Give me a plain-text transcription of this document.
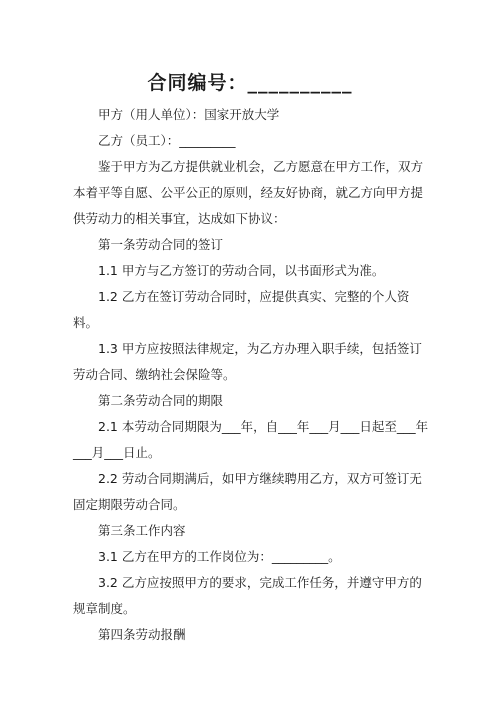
合同编号：__________

甲方（用人单位）：国家开放大学

乙方（员工）：_________

鉴于甲方为乙方提供就业机会，乙方愿意在甲方工作，双方本着平等自愿、公平公正的原则，经友好协商，就乙方向甲方提供劳动力的相关事宜，达成如下协议：

第一条劳动合同的签订

1.1 甲方与乙方签订的劳动合同，以书面形式为准。

1.2 乙方在签订劳动合同时，应提供真实、完整的个人资料。

1.3 甲方应按照法律规定，为乙方办理入职手续，包括签订劳动合同、缴纳社会保险等。

第二条劳动合同的期限

2.1 本劳动合同期限为___年，自___年___月___日起至___年___月___日止。

2.2 劳动合同期满后，如甲方继续聘用乙方，双方可签订无固定期限劳动合同。

第三条工作内容

3.1 乙方在甲方的工作岗位为：_________。

3.2 乙方应按照甲方的要求，完成工作任务，并遵守甲方的规章制度。

第四条劳动报酬
